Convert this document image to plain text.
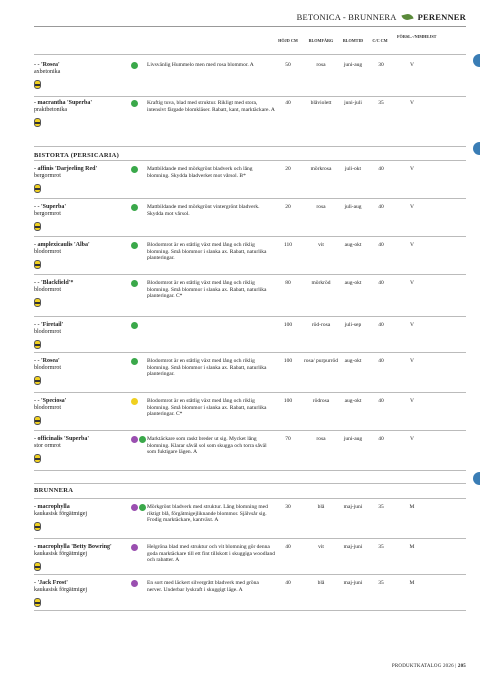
BETONICA - BRUNNERA PERENNER
HÖJD CM	BLOMFÄRG	BLOMTID	C/C CM
FÖRSL.-/NIMHEJST
- - 'Rosea'
axbetonika
Livsvänlig Hummelo men med rosa blommor. A	50	rosa	juni-aug	30	V
- macrantha 'Superba'
praktbetonika
Kraftig tuva, blad med struktur. Rikligt med stora, intensivt färgade blomkläser. Rabatt, kant, marktäckare. A
40	blåviolett	juni-juli	35	V
BISTORTA (PERSICARIA)
- affinis 'Darjeeling Red'
bergormrot
Mattbildande med mörkgrönt bladverk och lång blomning. Skydda bladverket mot vårsol. B*
20	mörkrosa	juli-okt	40	V
- - 'Superba'
bergormrot
Mattbildande med mörkgrönt vintergrönt bladverk. Skydda mot vårsol.
20	rosa	juli-aug	40	V
- amplexicaulis 'Alba'
blodormrot
Blodormrot är en ståtlig växt med lång och riklig blomning. Små blommor i slanka ax. Rabatt, naturlika planteringar.
110	vit	aug-okt	40	V
- - 'Blackfield'*
blodormrot
Blodormrot är en ståtlig växt med lång och riklig blomning. Små blommor i slanka ax. Rabatt, naturlika planteringar. C*
80	mörkröd	aug-okt	40	V
- - 'Firetail'
blodormrot
100	röd-rosa	juli-sep	40	V
- - 'Rosea'
blodormrot
Blodormrot är en ståtlig växt med lång och riklig blomning. Små blommor i slanka ax. Rabatt, naturlika planteringar.
100	rosa/ purpurröd	aug-okt	40	V
- - 'Speciosa'
blodormrot
Blodormrot är en ståtlig växt med lång och riklig blomning. Små blommor i slanka ax. Rabatt, naturlika planteringar. C*
100	rödrosa	aug-okt	40	V
- officinalis 'Superba'
stor ormrot
Marktäckare som raskt breder ut sig. Mycket lång blomning. Klarar såväl sol som skugga och torra såväl som fuktigare lägen. A
70	rosa	juni-aug	40	V
BRUNNERA
- macrophylla
kaukasisk förgätmigej
Mörkgrönt bladverk med struktur. Lång blomning med riktigt blå, förgätmigejliknande blommor. Självsår sig. Frodig marktäckare, kantväxt. A
30	blå	maj-juni	35	M
- macrophylla 'Betty Bowring'
kaukasisk förgätmigej
Helgröna blad med struktur och vit blomning gör denna goda marktäckare till ett fint tillskott i skuggiga woodland och rabatter. A
40	vit	maj-juni	35	M
- 'Jack Frost'
kaukasisk förgätmigej
En sort med läckert silvergrått bladverk med gröna nerver. Underbar lyskraft i skuggigt läge. A
40	blå	maj-juni	35	M
PRODUKTKATALOG 2026 | 205
